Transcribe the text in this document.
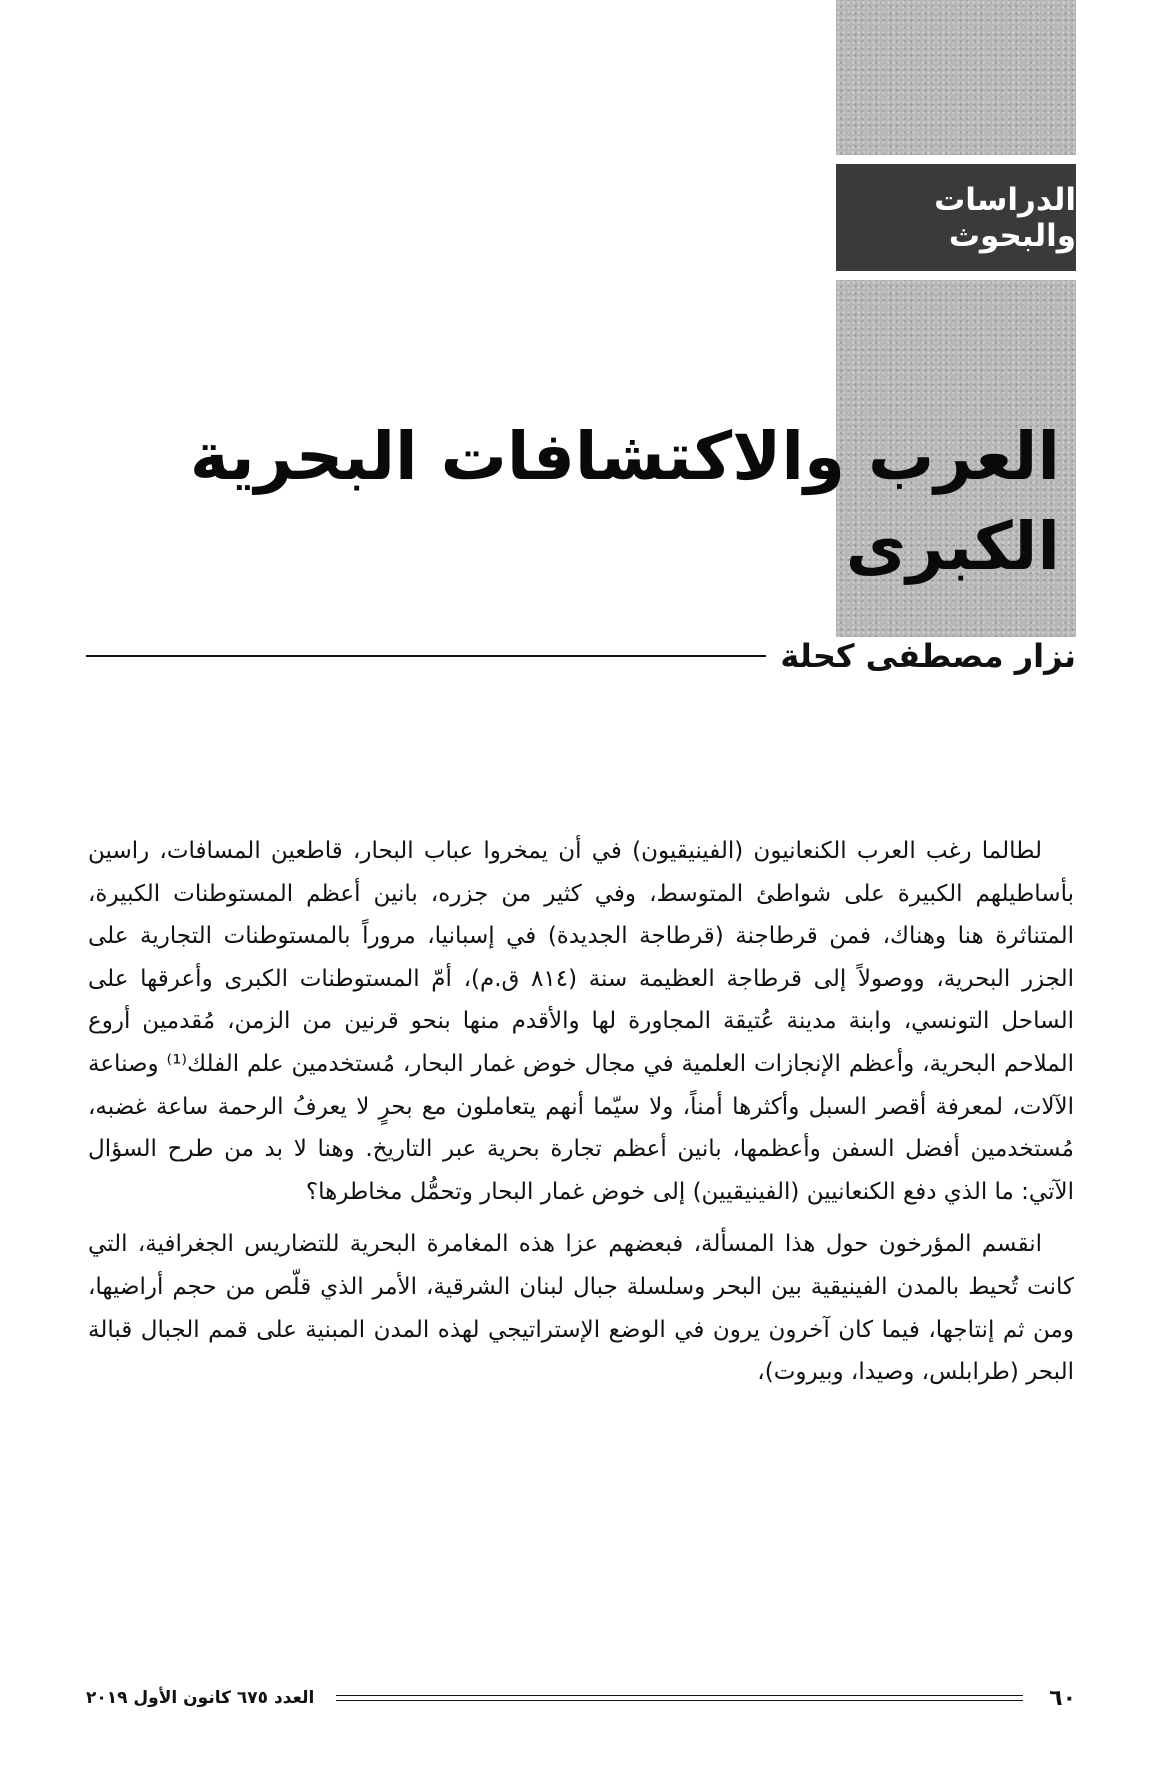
الدراسات والبحوث
العرب والاكتشافات البحرية الكبرى
نزار مصطفى كحلة

لطالما رغب العرب الكنعانيون (الفينيقيون) في أن يمخروا عباب البحار، قاطعين المسافات، راسين بأساطيلهم الكبيرة على شواطئ المتوسط، وفي كثير من جزره، بانين أعظم المستوطنات الكبيرة، المتناثرة هنا وهناك، فمن قرطاجنة (قرطاجة الجديدة) في إسبانيا، مروراً بالمستوطنات التجارية على الجزر البحرية، ووصولاً إلى قرطاجة العظيمة سنة (٨١٤ ق.م)، أمّ المستوطنات الكبرى وأعرقها على الساحل التونسي، وابنة مدينة عُتيقة المجاورة لها والأقدم منها بنحو قرنين من الزمن، مُقدمين أروع الملاحم البحرية، وأعظم الإنجازات العلمية في مجال خوض غمار البحار، مُستخدمين علم الفلك⁽¹⁾ وصناعة الآلات، لمعرفة أقصر السبل وأكثرها أمناً، ولا سيّما أنهم يتعاملون مع بحرٍ لا يعرفُ الرحمة ساعة غضبه، مُستخدمين أفضل السفن وأعظمها، بانين أعظم تجارة بحرية عبر التاريخ. وهنا لا بد من طرح السؤال الآتي: ما الذي دفع الكنعانيين (الفينيقيين) إلى خوض غمار البحار وتحمُّل مخاطرها؟

انقسم المؤرخون حول هذا المسألة، فبعضهم عزا هذه المغامرة البحرية للتضاريس الجغرافية، التي كانت تُحيط بالمدن الفينيقية بين البحر وسلسلة جبال لبنان الشرقية، الأمر الذي قلّص من حجم أراضيها، ومن ثم إنتاجها، فيما كان آخرون يرون في الوضع الإستراتيجي لهذه المدن المبنية على قمم الجبال قبالة البحر (طرابلس، وصيدا، وبيروت)،

٦٠
العدد ٦٧٥ كانون الأول ٢٠١٩
